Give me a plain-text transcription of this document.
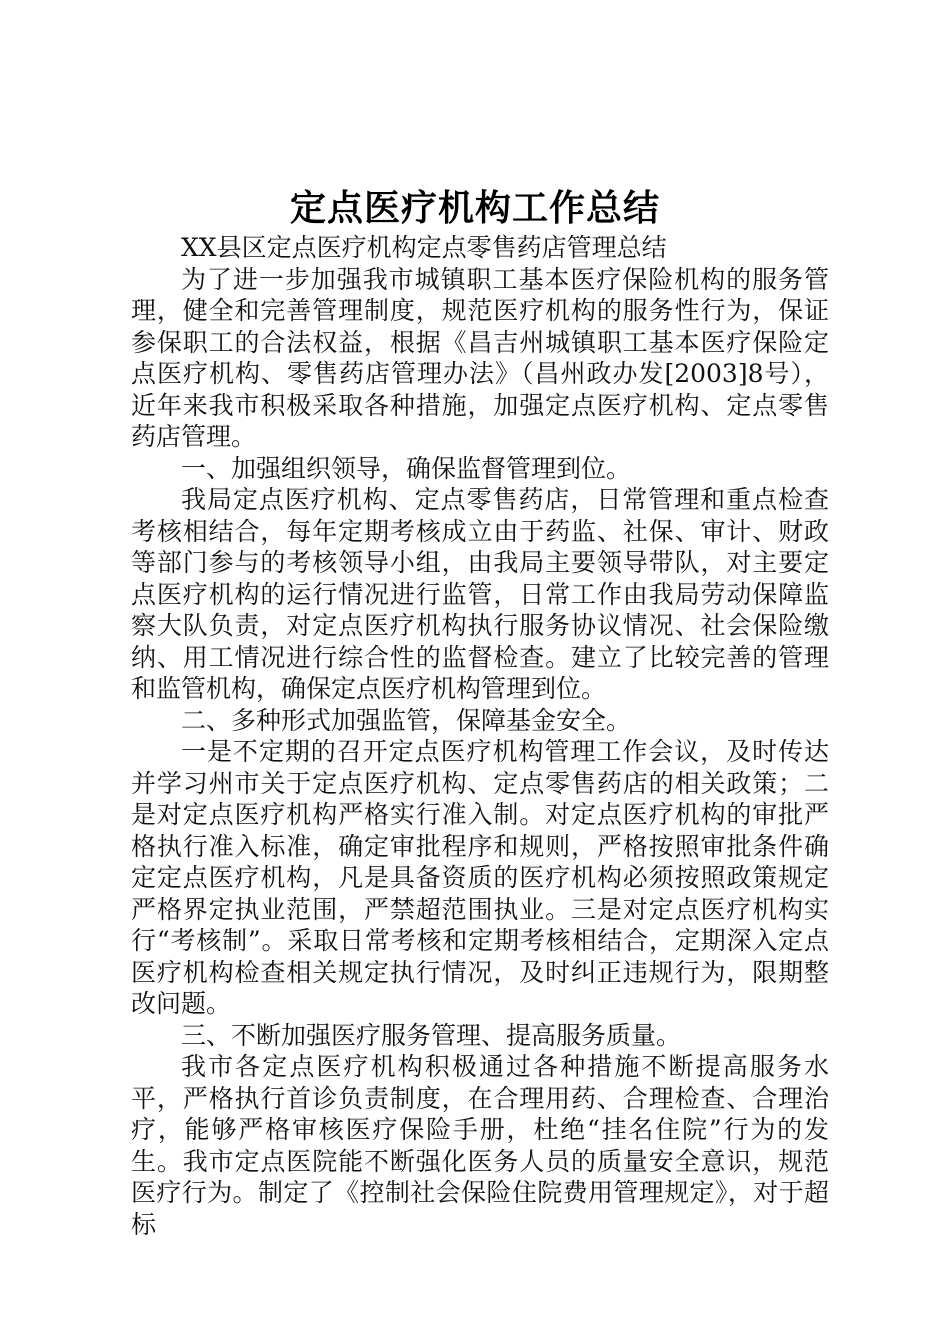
定点医疗机构工作总结

XX县区定点医疗机构定点零售药店管理总结

为了进一步加强我市城镇职工基本医疗保险机构的服务管理，健全和完善管理制度，规范医疗机构的服务性行为，保证参保职工的合法权益，根据《昌吉州城镇职工基本医疗保险定点医疗机构、零售药店管理办法》（昌州政办发[2003]8号），近年来我市积极采取各种措施，加强定点医疗机构、定点零售药店管理。

一、加强组织领导，确保监督管理到位。

我局定点医疗机构、定点零售药店，日常管理和重点检查考核相结合，每年定期考核成立由于药监、社保、审计、财政等部门参与的考核领导小组，由我局主要领导带队，对主要定点医疗机构的运行情况进行监管，日常工作由我局劳动保障监察大队负责，对定点医疗机构执行服务协议情况、社会保险缴纳、用工情况进行综合性的监督检查。建立了比较完善的管理和监管机构，确保定点医疗机构管理到位。

二、多种形式加强监管，保障基金安全。

一是不定期的召开定点医疗机构管理工作会议，及时传达并学习州市关于定点医疗机构、定点零售药店的相关政策；二是对定点医疗机构严格实行准入制。对定点医疗机构的审批严格执行准入标准，确定审批程序和规则，严格按照审批条件确定定点医疗机构，凡是具备资质的医疗机构必须按照政策规定严格界定执业范围，严禁超范围执业。三是对定点医疗机构实行“考核制”。采取日常考核和定期考核相结合，定期深入定点医疗机构检查相关规定执行情况，及时纠正违规行为，限期整改问题。

三、不断加强医疗服务管理、提高服务质量。

我市各定点医疗机构积极通过各种措施不断提高服务水平，严格执行首诊负责制度，在合理用药、合理检查、合理治疗，能够严格审核医疗保险手册，杜绝“挂名住院”行为的发生。我市定点医院能不断强化医务人员的质量安全意识，规范医疗行为。制定了《控制社会保险住院费用管理规定》，对于超标
